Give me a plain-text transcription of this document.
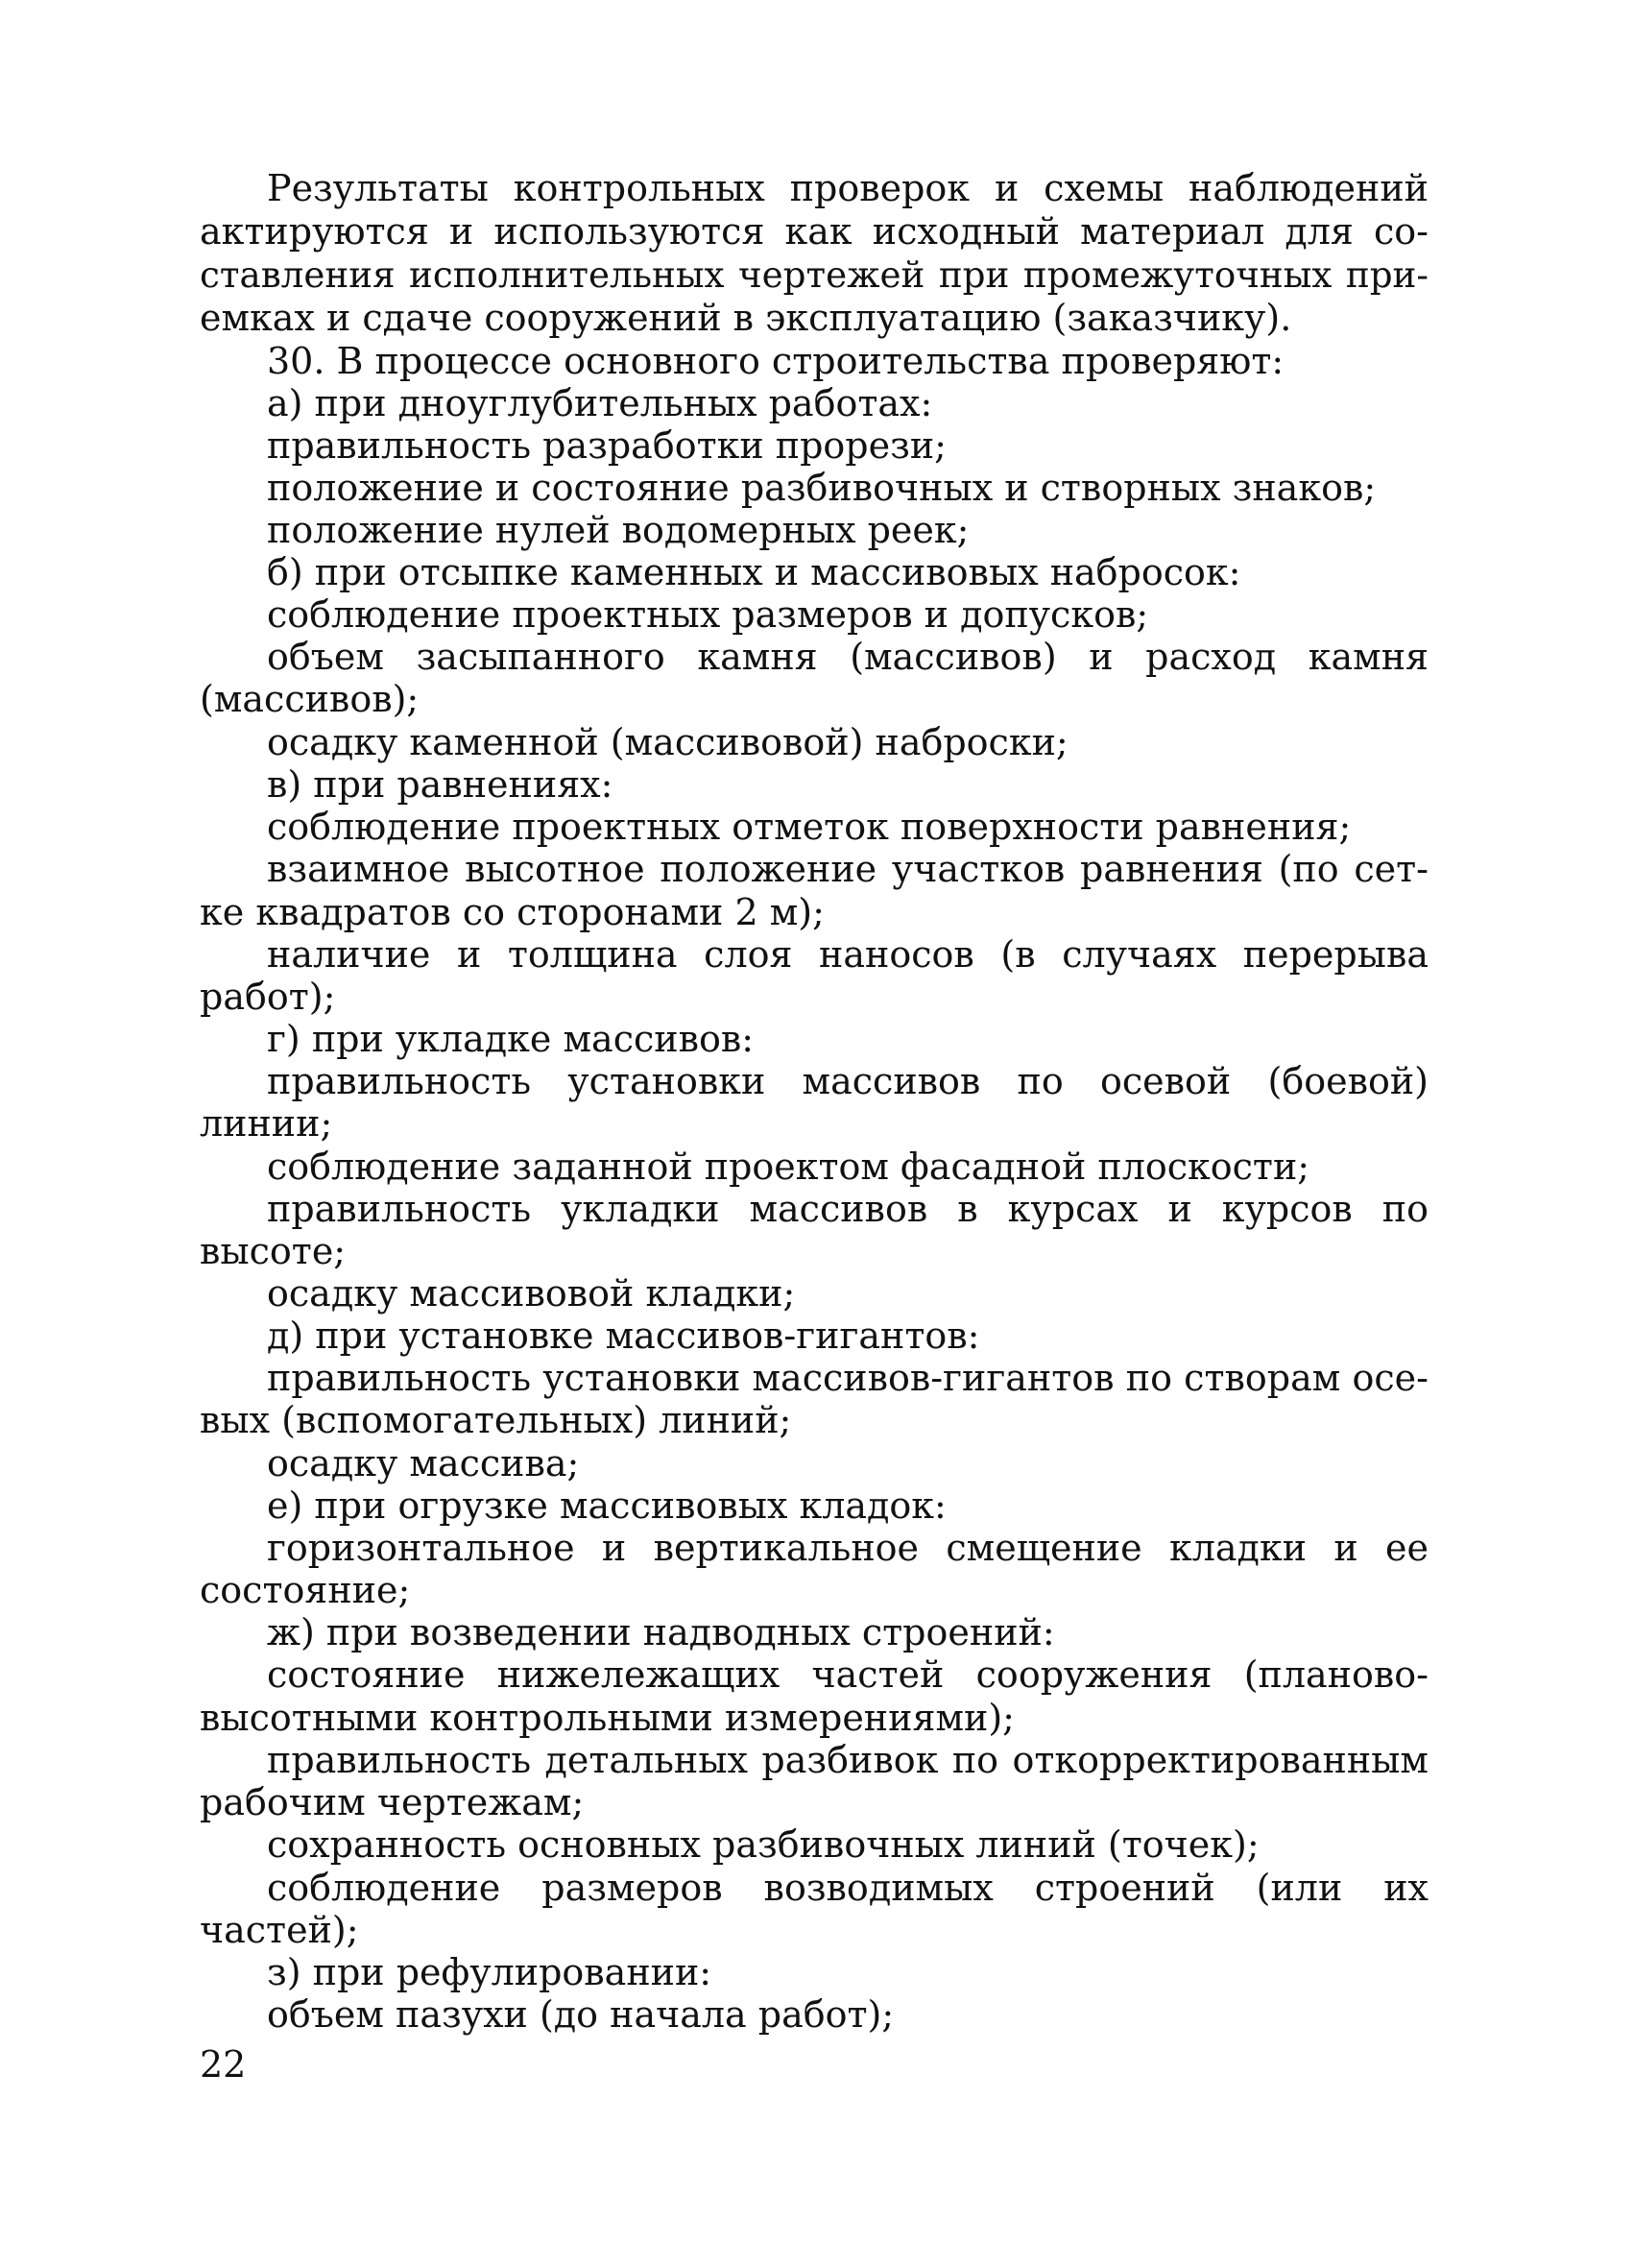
Результаты контрольных проверок и схемы наблюдений
актируются и используются как исходный материал для со-
ставления исполнительных чертежей при промежуточных при-
емках и сдаче сооружений в эксплуатацию (заказчику).
30. В процессе основного строительства проверяют:
а) при дноуглубительных работах:
правильность разработки прорези;
положение и состояние разбивочных и створных знаков;
положение нулей водомерных реек;
б) при отсыпке каменных и массивовых набросок:
соблюдение проектных размеров и допусков;
объем засыпанного камня (массивов) и расход камня
(массивов);
осадку каменной (массивовой) наброски;
в) при равнениях:
соблюдение проектных отметок поверхности равнения;
взаимное высотное положение участков равнения (по сет-
ке квадратов со сторонами 2 м);
наличие и толщина слоя наносов (в случаях перерыва
работ);
г) при укладке массивов:
правильность установки массивов по осевой (боевой)
линии;
соблюдение заданной проектом фасадной плоскости;
правильность укладки массивов в курсах и курсов по
высоте;
осадку массивовой кладки;
д) при установке массивов-гигантов:
правильность установки массивов-гигантов по створам осе-
вых (вспомогательных) линий;
осадку массива;
е) при огрузке массивовых кладок:
горизонтальное и вертикальное смещение кладки и ее
состояние;
ж) при возведении надводных строений:
состояние нижележащих частей сооружения (планово-
высотными контрольными измерениями);
правильность детальных разбивок по откорректированным
рабочим чертежам;
сохранность основных разбивочных линий (точек);
соблюдение размеров возводимых строений (или их
частей);
з) при рефулировании:
объем пазухи (до начала работ);
22
